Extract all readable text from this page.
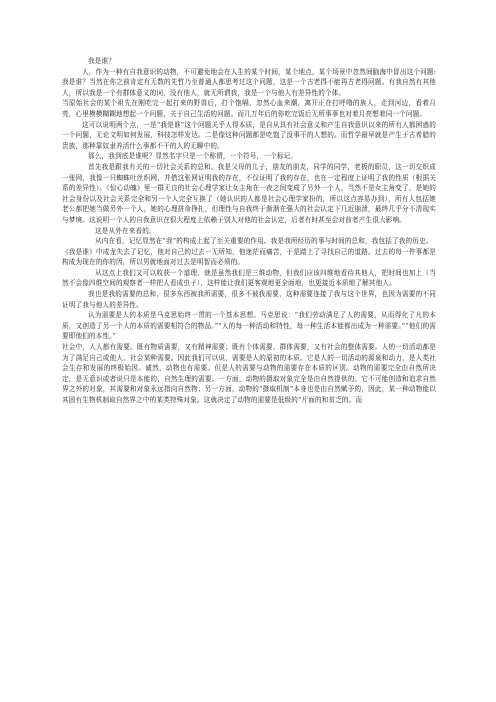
我是谁？

人，作为一种有自我意识的动物，不可避免地会在人生的某个时间，某个地点，某个场景中忽然间脑海中冒出这个问题:我是谁？当然在你之前肯定有无数的先哲乃至普通人都思考过这个问题，这是一个古老得不能再古老得问题。有我自然有其他人，所以我是一个有群体意义的词，没有他人，就无所谓我，我是一个与他人有差异性的个体。

当原始社会的某个祖先在刚吃完一起打来的野兽后，打个饱嗝，忽然心血来潮，离开正在打呼噜的族人，走到河边，看着月亮，心里模模糊糊地想起一个问题，关于自己生活的问题。而几万年后的你吃完饭后无所事事也对着月亮想着同一个问题。

这可以说明两个点，一是“我是谁”这个问题关乎人得本质，是自从具有社会意义和产生自我意识以来的所有人都困惑的一个问题，无论文明如何发展，科技怎样发达。二是像这种问题都是吃饱了没事干的人想的。而哲学最早就是产生于古希腊的贵族，那种靠奴隶养活什么事都不干的人的无聊中的。

那么，我到底是谁呢？显然名字只是一个称谓，一个符号，一个标记。

首先我是跟我有关的一切社会关系的总和，我是父母的儿子，朋友的朋友，同学的同学，老板的职员，这一切交织成一张网，我像一只蜘蛛吐丝织网，并借这张网证明我的存在，不仅证明了我的存在，也在一定程度上证明了我的性质（根据关系的差异性）。《惊心动魄》里一群无良的社会心理学家让女主角在一夜之间变成了另外一个人，当然不是女主角变了，是她的社会身份以及社会关系完全和另一个人完全互换了（她认识的人都是社会心理学家扮的，所以这点容易办到），所有人包括她老公都把她当做另外一个人，她的心理拼命挣扎，但理性与自我终于渐渐在强大的社会认定下几近崩溃，最终几乎分不清现实与梦境。这说明一个人的自我意识在很大程度上依赖于别人对他的社会认定，后者有时甚至会对前者产生很大影响。

这是从外在来看的。

从内在看，记忆显然在“我”的构成上起了至关重要的作用。我是我所经历的事与时间的总和，我包括了我的历史。

《我是谁》中成龙失去了记忆，他对自己的过去一无所知，他迷茫而痛苦，于是踏上了寻找自己的道路。过去的每一件事都是构成为现在的你的因，所以男就地面对过去是明智而必须的。

从这点上我们又可以收获一个道理，就是虽然我们是三维动物，但我们应该四维地看待其他人，把时间也加上（当然不会像四维空间的观察者一样把人看成虫子），这样能让我们更客观地更全面地，也更接近本质地了解其他人。

我也是我的需要的总和，很多东西被我所需要，很多不被我需要，这种需要连接了我与这个世界，也因为需要的不同证明了我与他人的差异性。

认为需要是人的本质是马克思始终一贯的一个基本思想。马克思说：“我们劳动满足了人的需要，从而得化了凡的本质，又创造了另一个人的本质的需要相符合的物品。”“人的每一种活动和特性，每一种生活本能都出成为一种需要。”“他们的需要即他们的本性。”

社会中，人人都有需要。既有物质需要，又有精神需要；既有个体需要、群体需要，又有社会的整体需要。人的一切活动都是为了满足自己或他人、社会某种需要。因此我们可以说，需要是人的原初的本质。它是人的一切活动的源泉和动力，是人类社会生存和发展的终极始因。诚然，动物也有需要。但是人的需要与动物的需要存在本质的区别。动物的需要完全由自然所决定，是无意识或者说只是本能的，自然生理的需要。一方面，动物的摄取对象完全是由自然提供的。它不可能创造和追求自然界之外的对象，其需要和对象永远指向自然物；另一方面，动物的“摄取机制”本身也是由自然赋予的，因此，某一种动物能以其固有生物机制取自然界之中的某类特殊对象。这就决定了动物的需要是低级的”片面的和贫乏的。而
